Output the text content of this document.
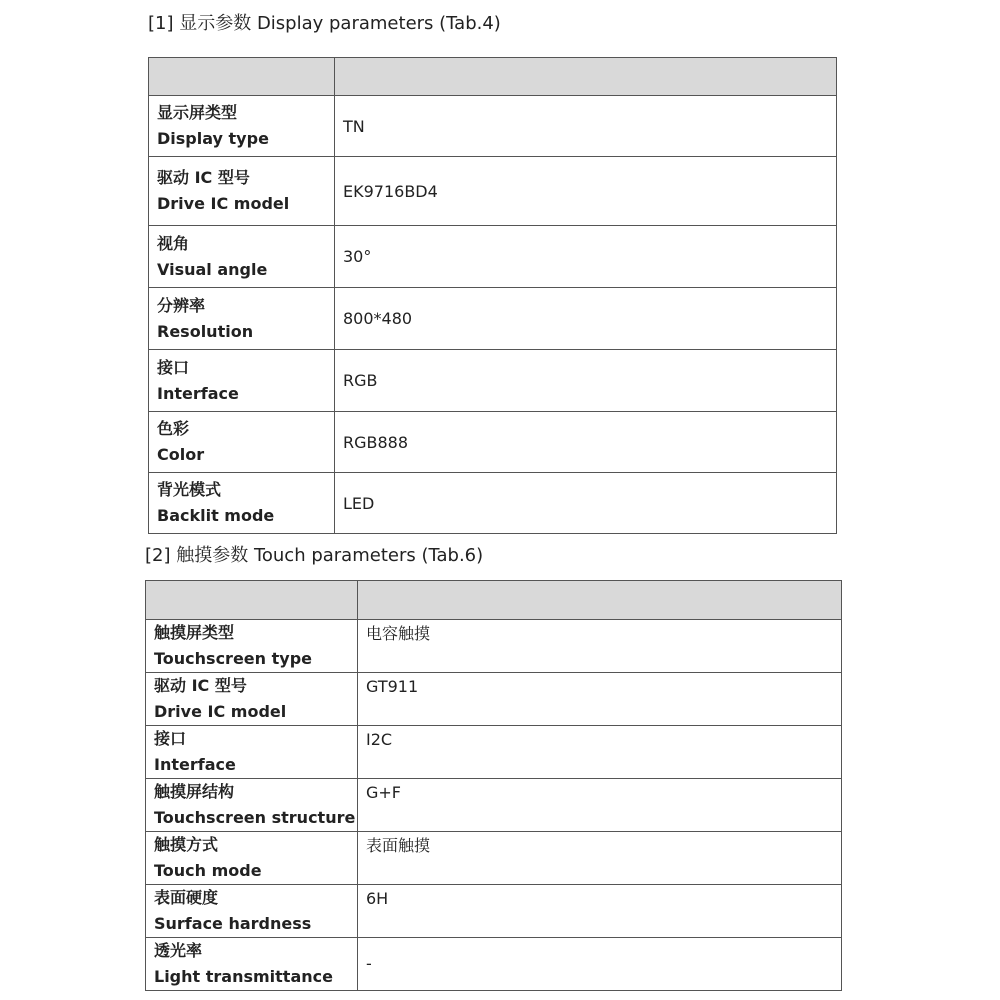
[1] 显示参数 Display parameters (Tab.4)

显示屏类型
Display type	TN

驱动 IC 型号
Drive IC model	EK9716BD4

视角
Visual angle	30°

分辨率
Resolution	800*480

接口
Interface	RGB

色彩
Color	RGB888

背光模式
Backlit mode	LED
[2] 触摸参数 Touch parameters (Tab.6)

触摸屏类型
Touchscreen type	电容触摸

驱动 IC 型号
Drive IC model	GT911

接口
Interface	I2C

触摸屏结构
Touchscreen structure	G+F

触摸方式
Touch mode	表面触摸

表面硬度
Surface hardness	6H

透光率
Light transmittance	-
